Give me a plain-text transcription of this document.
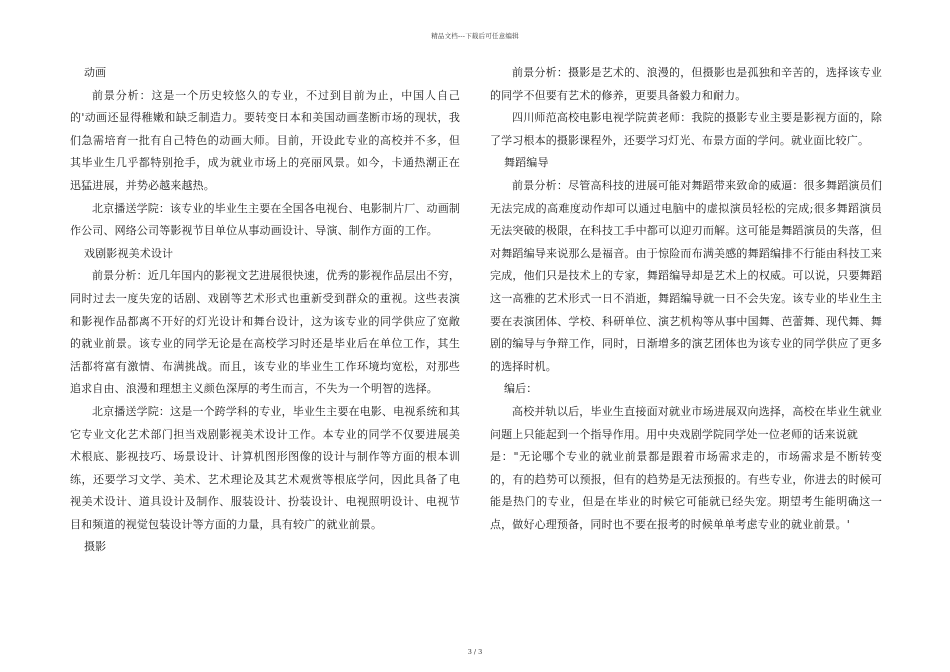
精品文档---下载后可任意编辑

动画

前景分析：这是一个历史较悠久的专业，不过到目前为止，中国人自己的'动画还显得稚嫩和缺乏制造力。要转变日本和美国动画垄断市场的现状，我们急需培育一批有自己特色的动画大师。目前，开设此专业的高校并不多，但其毕业生几乎都特别抢手，成为就业市场上的亮丽风景。如今，卡通热潮正在迅猛进展，并势必越来越热。

北京播送学院：该专业的毕业生主要在全国各电视台、电影制片厂、动画制作公司、网络公司等影视节目单位从事动画设计、导演、制作方面的工作。

戏剧影视美术设计

前景分析：近几年国内的影视文艺进展很快速，优秀的影视作品层出不穷，同时过去一度失宠的话剧、戏剧等艺术形式也重新受到群众的重视。这些表演和影视作品都离不开好的灯光设计和舞台设计，这为该专业的同学供应了宽敞的就业前景。该专业的同学无论是在高校学习时还是毕业后在单位工作，其生活都将富有激情、布满挑战。而且，该专业的毕业生工作环境均宽松，对那些追求自由、浪漫和理想主义颜色深厚的考生而言，不失为一个明智的选择。

北京播送学院：这是一个跨学科的专业，毕业生主要在电影、电视系统和其它专业文化艺术部门担当戏剧影视美术设计工作。本专业的同学不仅要进展美术根底、影视技巧、场景设计、计算机图形图像的设计与制作等方面的根本训练，还要学习文学、美术、艺术理论及其艺术观赏等根底学问，因此具备了电视美术设计、道具设计及制作、服装设计、扮装设计、电视照明设计、电视节目和频道的视觉包装设计等方面的力量，具有较广的就业前景。

摄影

前景分析：摄影是艺术的、浪漫的，但摄影也是孤独和辛苦的，选择该专业的同学不但要有艺术的修养，更要具备毅力和耐力。

四川师范高校电影电视学院黄老师：我院的摄影专业主要是影视方面的，除了学习根本的摄影课程外，还要学习灯光、布景方面的学问。就业面比较广。

舞蹈编导

前景分析：尽管高科技的进展可能对舞蹈带来致命的威逼：很多舞蹈演员们无法完成的高难度动作却可以通过电脑中的虚拟演员轻松的完成;很多舞蹈演员无法突破的极限，在科技工手中都可以迎刃而解。这可能是舞蹈演员的失落，但对舞蹈编导来说那么是福音。由于惊险而布满美感的舞蹈编排不行能由科技工来完成，他们只是技术上的专家，舞蹈编导却是艺术上的权威。可以说，只要舞蹈这一高雅的艺术形式一日不消逝，舞蹈编导就一日不会失宠。该专业的毕业生主要在表演团体、学校、科研单位、演艺机构等从事中国舞、芭蕾舞、现代舞、舞剧的编导与争辩工作，同时，日渐增多的演艺团体也为该专业的同学供应了更多的选择时机。

编后：

高校并轨以后，毕业生直接面对就业市场进展双向选择，高校在毕业生就业问题上只能起到一个指导作用。用中央戏剧学院同学处一位老师的话来说就

是："无论哪个专业的就业前景都是跟着市场需求走的，市场需求是不断转变的，有的趋势可以预报，但有的趋势是无法预报的。有些专业，你进去的时候可能是热门的专业，但是在毕业的时候它可能就已经失宠。期望考生能明确这一点，做好心理预备，同时也不要在报考的时候单单考虑专业的就业前景。'

3 / 3
